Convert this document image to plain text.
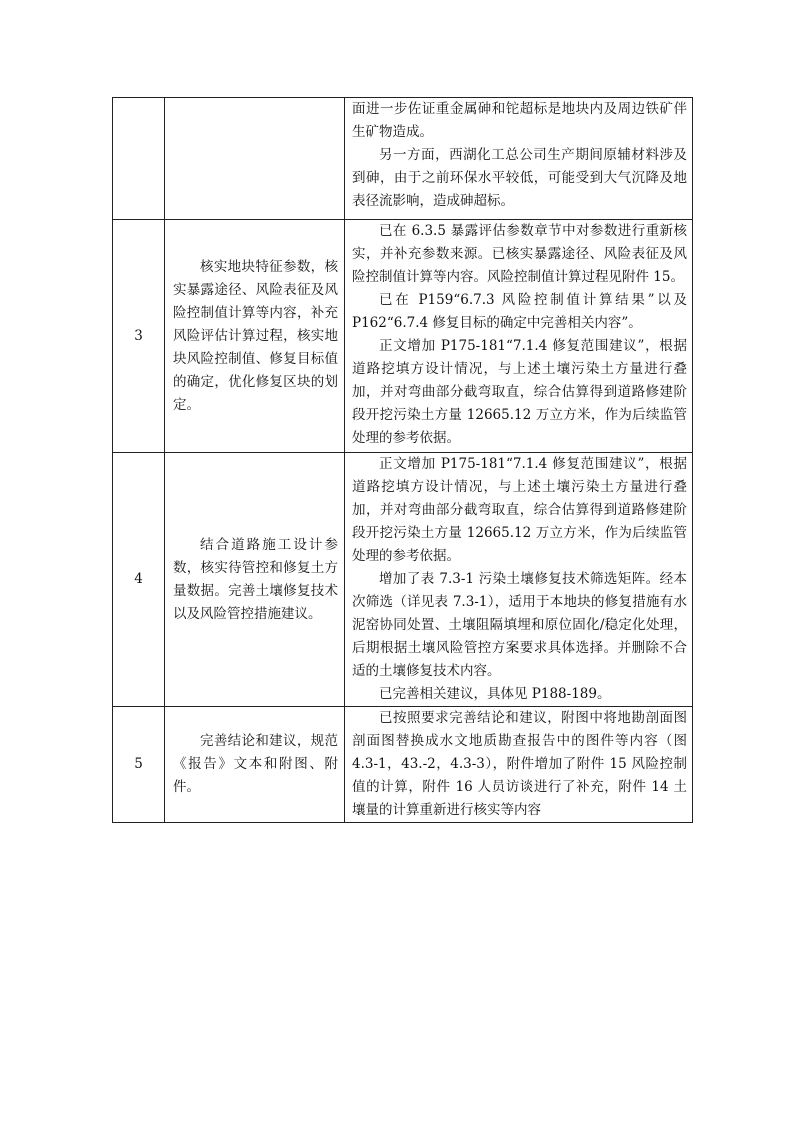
		面进一步佐证重金属砷和铊超标是地块内及周边铁矿伴生矿物造成。

另一方面，西湖化工总公司生产期间原辅材料涉及到砷，由于之前环保水平较低，可能受到大气沉降及地表径流影响，造成砷超标。

3	核实地块特征参数，核实暴露途径、风险表征及风险控制值计算等内容，补充风险评估计算过程，核实地块风险控制值、修复目标值的确定，优化修复区块的划定。	已在 6.3.5 暴露评估参数章节中对参数进行重新核实，并补充参数来源。已核实暴露途径、风险表征及风险控制值计算等内容。风险控制值计算过程见附件 15。

已在 P159“6.7.3 风险控制值计算结果”以及 P162“6.7.4 修复目标的确定中完善相关内容”。

正文增加 P175-181“7.1.4 修复范围建议”，根据道路挖填方设计情况，与上述土壤污染土方量进行叠加，并对弯曲部分截弯取直，综合估算得到道路修建阶段开挖污染土方量 12665.12 万立方米，作为后续监管处理的参考依据。

4	结合道路施工设计参数，核实待管控和修复土方量数据。完善土壤修复技术以及风险管控措施建议。	正文增加 P175-181“7.1.4 修复范围建议”，根据道路挖填方设计情况，与上述土壤污染土方量进行叠加，并对弯曲部分截弯取直，综合估算得到道路修建阶段开挖污染土方量 12665.12 万立方米，作为后续监管处理的参考依据。

增加了表 7.3-1 污染土壤修复技术筛选矩阵。经本次筛选（详见表 7.3-1），适用于本地块的修复措施有水泥窑协同处置、土壤阻隔填埋和原位固化/稳定化处理，后期根据土壤风险管控方案要求具体选择。并删除不合适的土壤修复技术内容。

已完善相关建议，具体见 P188-189。

5	完善结论和建议，规范《报告》文本和附图、附件。	已按照要求完善结论和建议，附图中将地勘剖面图剖面图替换成水文地质勘查报告中的图件等内容（图 4.3-1，43.-2，4.3-3），附件增加了附件 15 风险控制值的计算，附件 16 人员访谈进行了补充，附件 14 土壤量的计算重新进行核实等内容
